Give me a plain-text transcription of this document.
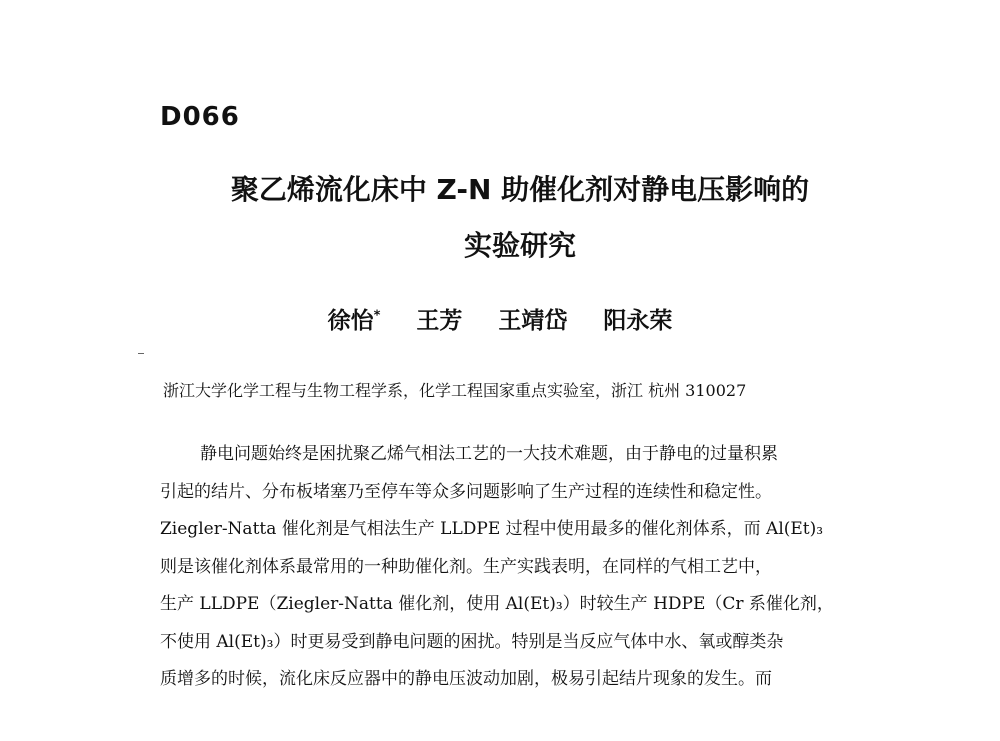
D066
聚乙烯流化床中 Z-N 助催化剂对静电压影响的
实验研究
徐怡* 王芳 王靖岱 阳永荣
浙江大学化学工程与生物工程学系，化学工程国家重点实验室，浙江 杭州 310027
静电问题始终是困扰聚乙烯气相法工艺的一大技术难题，由于静电的过量积累
引起的结片、分布板堵塞乃至停车等众多问题影响了生产过程的连续性和稳定性。
Ziegler-Natta 催化剂是气相法生产 LLDPE 过程中使用最多的催化剂体系，而 Al(Et)₃
则是该催化剂体系最常用的一种助催化剂。生产实践表明，在同样的气相工艺中，
生产 LLDPE（Ziegler-Natta 催化剂，使用 Al(Et)₃）时较生产 HDPE（Cr 系催化剂，
不使用 Al(Et)₃）时更易受到静电问题的困扰。特别是当反应气体中水、氧或醇类杂
质增多的时候，流化床反应器中的静电压波动加剧，极易引起结片现象的发生。而
